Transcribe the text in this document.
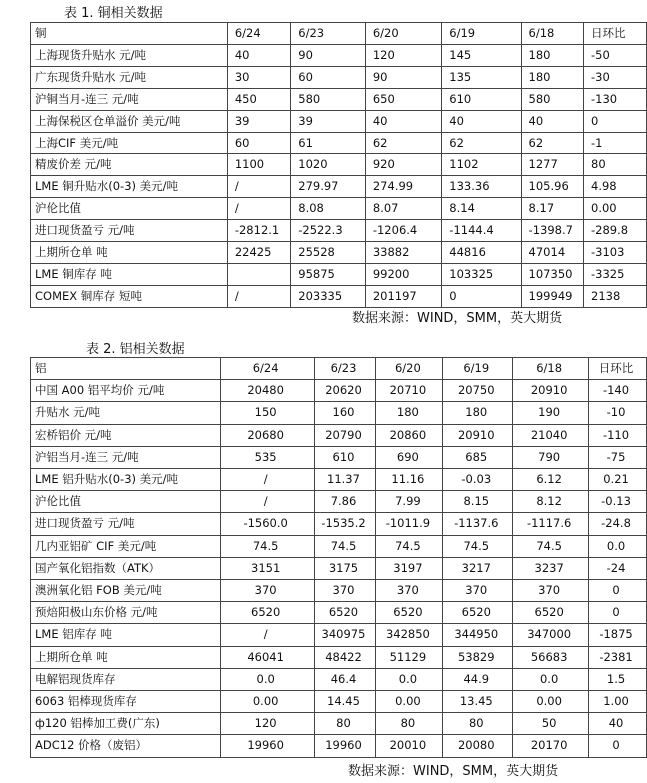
表 1. 铜相关数据
铜	6/24	6/23	6/20	6/19	6/18	日环比
上海现货升贴水 元/吨	40	90	120	145	180	-50
广东现货升贴水 元/吨	30	60	90	135	180	-30
沪铜当月-连三 元/吨	450	580	650	610	580	-130
上海保税区仓单溢价 美元/吨	39	39	40	40	40	0
上海CIF 美元/吨	60	61	62	62	62	-1
精废价差 元/吨	1100	1020	920	1102	1277	80
LME 铜升贴水(0-3) 美元/吨	/	279.97	274.99	133.36	105.96	4.98
沪伦比值	/	8.08	8.07	8.14	8.17	0.00
进口现货盈亏 元/吨	-2812.1	-2522.3	-1206.4	-1144.4	-1398.7	-289.8
上期所仓单 吨	22425	25528	33882	44816	47014	-3103
LME 铜库存 吨		95875	99200	103325	107350	-3325
COMEX 铜库存 短吨	/	203335	201197	0	199949	2138
数据来源：WIND，SMM，英大期货
表 2. 铝相关数据
铝	6/24	6/23	6/20	6/19	6/18	日环比
中国 A00 铝平均价 元/吨	20480	20620	20710	20750	20910	-140
升贴水 元/吨	150	160	180	180	190	-10
宏桥铝价 元/吨	20680	20790	20860	20910	21040	-110
沪铝当月-连三 元/吨	535	610	690	685	790	-75
LME 铝升贴水(0-3) 美元/吨	/	11.37	11.16	-0.03	6.12	0.21
沪伦比值	/	7.86	7.99	8.15	8.12	-0.13
进口现货盈亏 元/吨	-1560.0	-1535.2	-1011.9	-1137.6	-1117.6	-24.8
几内亚铝矿 CIF 美元/吨	74.5	74.5	74.5	74.5	74.5	0.0
国产氧化铝指数（ATK）	3151	3175	3197	3217	3237	-24
澳洲氧化铝 FOB 美元/吨	370	370	370	370	370	0
预焙阳极山东价格 元/吨	6520	6520	6520	6520	6520	0
LME 铝库存 吨	/	340975	342850	344950	347000	-1875
上期所仓单 吨	46041	48422	51129	53829	56683	-2381
电解铝现货库存	0.0	46.4	0.0	44.9	0.0	1.5
6063 铝棒现货库存	0.00	14.45	0.00	13.45	0.00	1.00
ф120 铝棒加工费(广东)	120	80	80	80	50	40
ADC12 价格（废铝）	19960	19960	20010	20080	20170	0
数据来源：WIND，SMM，英大期货
